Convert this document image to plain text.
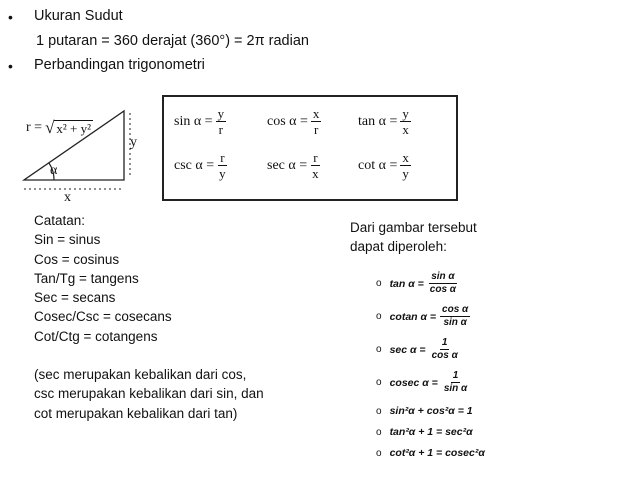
• Ukuran Sudut
1 putaran = 360 derajat (360°) = 2π radian
• Perbandingan trigonometri
r = √ x² + y²
y
x
α
$\sin \alpha = \frac{y}{r}$	$\cos \alpha = \frac{x}{r}$	$\tan \alpha = \frac{y}{x}$
$\csc \alpha = \frac{r}{y}$	$\sec \alpha = \frac{r}{x}$	$\cot \alpha = \frac{x}{y}$
Catatan:
Sin = sinus
Cos = cosinus
Tan/Tg = tangens
Sec = secans
Cosec/Csc = cosecans
Cot/Ctg = cotangens
(sec merupakan kebalikan dari cos,
csc merupakan kebalikan dari sin, dan
cot merupakan kebalikan dari tan)
Dari gambar tersebut
dapat diperoleh:
o $\tan \alpha = \frac{\text{sin α}}{\text{cos α}}$
o cotan $\alpha = \frac{\text{cos α}}{\text{sin α}}$
o $\sec \alpha = \frac{1}{\text{cos α}}$
o cosec $\alpha = \frac{1}{\text{sin α}}$
o sin²α + cos²α = 1
o tan²α + 1 = sec²α
o cot²α + 1 = cosec²α
